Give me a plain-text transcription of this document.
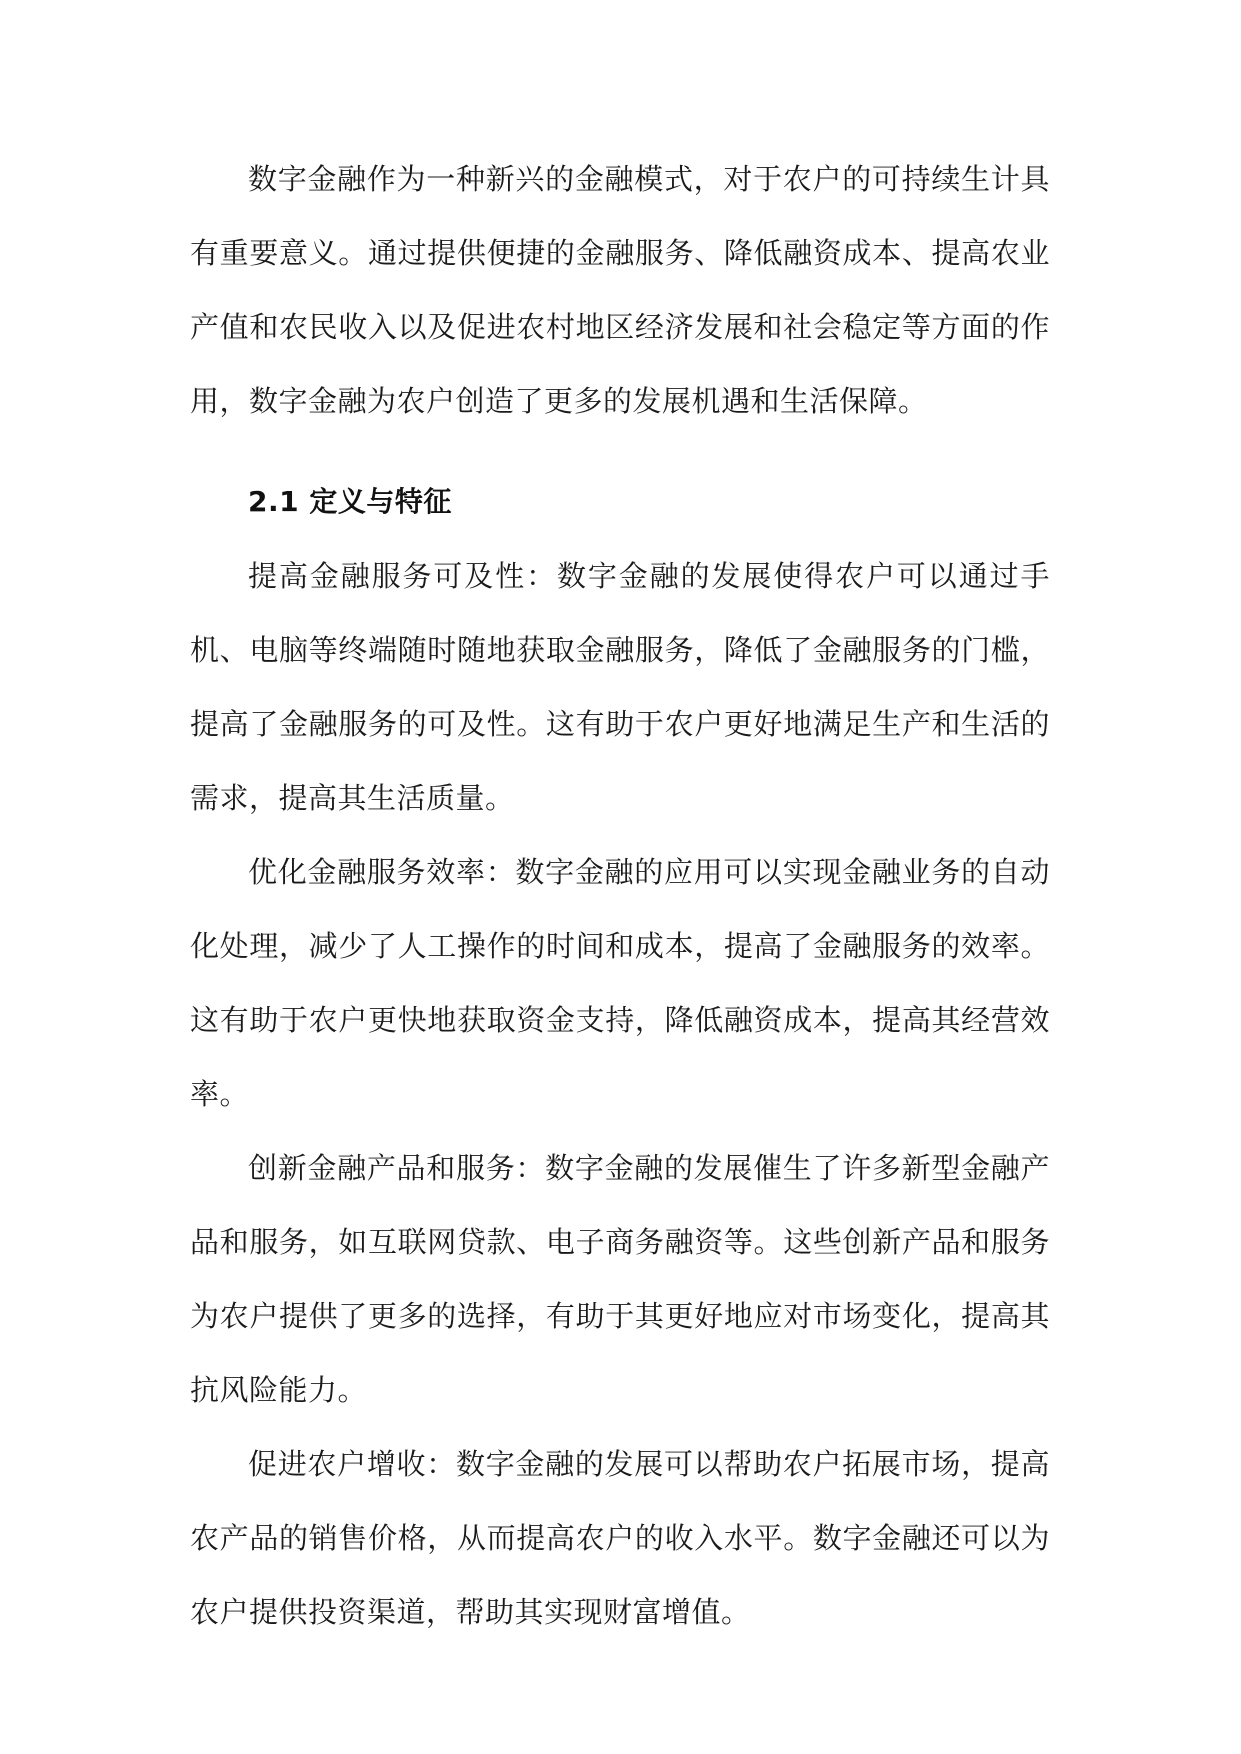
数字金融作为一种新兴的金融模式，对于农户的可持续生计具有重要意义。通过提供便捷的金融服务、降低融资成本、提高农业产值和农民收入以及促进农村地区经济发展和社会稳定等方面的作用，数字金融为农户创造了更多的发展机遇和生活保障。

2.1 定义与特征

提高金融服务可及性：数字金融的发展使得农户可以通过手机、电脑等终端随时随地获取金融服务，降低了金融服务的门槛，提高了金融服务的可及性。这有助于农户更好地满足生产和生活的需求，提高其生活质量。

优化金融服务效率：数字金融的应用可以实现金融业务的自动化处理，减少了人工操作的时间和成本，提高了金融服务的效率。这有助于农户更快地获取资金支持，降低融资成本，提高其经营效率。

创新金融产品和服务：数字金融的发展催生了许多新型金融产品和服务，如互联网贷款、电子商务融资等。这些创新产品和服务为农户提供了更多的选择，有助于其更好地应对市场变化，提高其抗风险能力。

促进农户增收：数字金融的发展可以帮助农户拓展市场，提高农产品的销售价格，从而提高农户的收入水平。数字金融还可以为农户提供投资渠道，帮助其实现财富增值。
